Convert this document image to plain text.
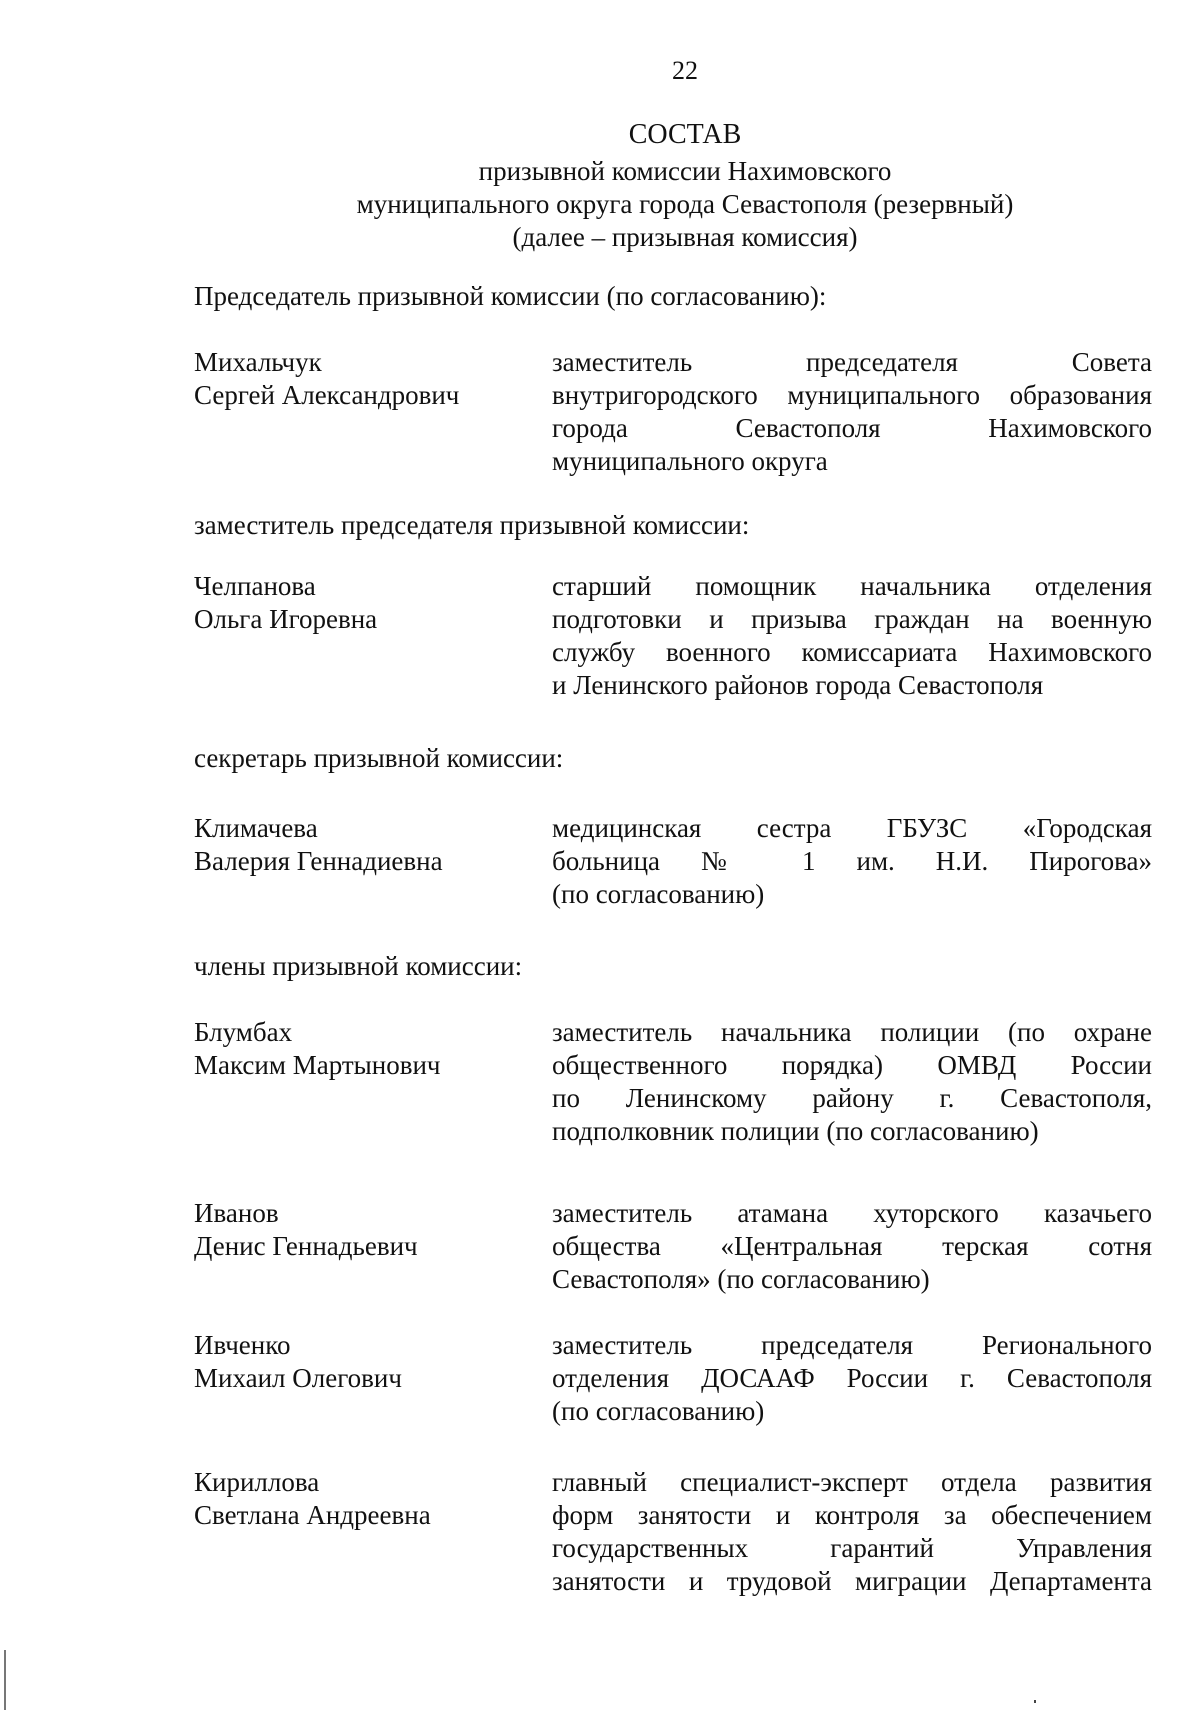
22
СОСТАВ
призывной комиссии Нахимовского
муниципального округа города Севастополя (резервный)
(далее – призывная комиссия)
Председатель призывной комиссии (по согласованию):
Михальчук
Сергей Александрович
заместитель председателя Совета
внутригородского муниципального образования
города Севастополя Нахимовского
муниципального округа
заместитель председателя призывной комиссии:
Челпанова
Ольга Игоревна
старший помощник начальника отделения
подготовки и призыва граждан на военную
службу военного комиссариата Нахимовского
и Ленинского районов города Севастополя
секретарь призывной комиссии:
Климачева
Валерия Геннадиевна
медицинская сестра ГБУЗС «Городская
больница № 1 им. Н.И. Пирогова»
(по согласованию)
члены призывной комиссии:
Блумбах
Максим Мартынович
заместитель начальника полиции (по охране
общественного порядка) ОМВД России
по Ленинскому району г. Севастополя,
подполковник полиции (по согласованию)
Иванов
Денис Геннадьевич
заместитель атамана хуторского казачьего
общества «Центральная терская сотня
Севастополя» (по согласованию)
Ивченко
Михаил Олегович
заместитель председателя Регионального
отделения ДОСААФ России г. Севастополя
(по согласованию)
Кириллова
Светлана Андреевна
главный специалист-эксперт отдела развития
форм занятости и контроля за обеспечением
государственных гарантий Управления
занятости и трудовой миграции Департамента
